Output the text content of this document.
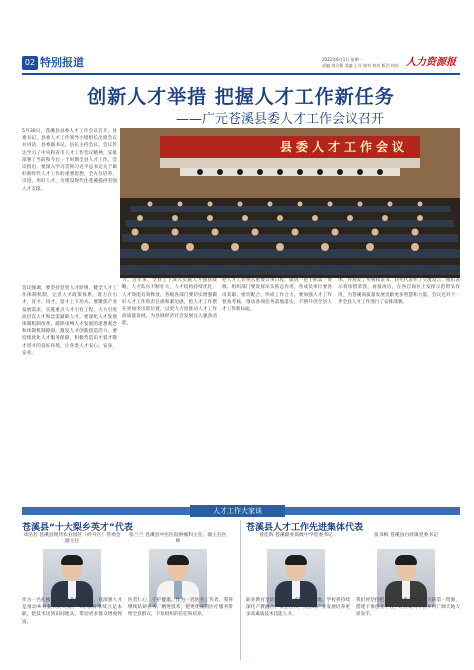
02 特别报道	2022年6月1日 星期一
责编 刘立新 美编 王丹 校对 何庆 版式 何庆 人力资源报
创新人才举措 把握人才工作新任务
——广元苍溪县委人才工作会议召开
5月30日，苍溪县县委人才工作会议召开。县委书记、县委人才工作领导小组组长出席会议并讲话，县委副书记、县长主持会议。会议传达学习了中央和省市人才工作会议精神，安排部署了当前和今后一个时期全县人才工作。会议指出，要深入学习贯彻习近平总书记关于做好新时代人才工作的重要思想，全方位培养、引进、用好人才，为建设现代化苍溪提供坚强人才支撑。
县委人才工作会议
会议强调，要坚持党管人才原则，健全人才工作体制机制，完善人才政策体系，着力在引才、育才、用才、留才上下功夫。要聚焦产业发展需求，实施重点人才引育工程，大力引进高层次人才和急需紧缺人才。要深化人才发展体制机制改革，破除束缚人才发展的思想观念和体制机制障碍，激发人才创新创造活力。要持续优化人才服务保障，积极营造识才爱才敬才用才的良好环境，让各类人才安心、安身、安业。
会议指出，人才是第一资源，创新是第一动力。近年来，全县上下深入实施人才强县战略，人才队伍不断壮大，人才结构持续优化，人才效能有效释放。各级各部门要切实增强做好人才工作的责任感和紧迫感，把人才工作摆在更加突出的位置，以更大力度推动人才工作高质量发展，为县域经济社会发展注入强劲动能。
会议要求，各级党委（党组）要切实履行主体责任，把人才工作纳入重要议事日程，做到一把手抓第一资源。组织部门要发挥牵头抓总作用，各成员单位要各司其职、密切配合，形成工作合力。要加强人才工作督查考核，推动各项任务落地落实，不断开创全县人才工作新局面。
会议表彰了苍溪县第一届“十大梨乡英才”和人才工作先进集体，并颁发了奖牌和证书。获奖代表作了交流发言，他们表示将珍惜荣誉、再接再厉，在各自岗位上发挥示范带头作用，为苍溪高质量发展贡献更多智慧和力量。会议还对下一步全县人才工作进行了安排部署。
人才工作大家谈
苍溪县“十大梨乡英才”代表	苍溪县人才工作先进集体代表
邓浩若 苍溪县现代农业园区（经开区）管委会副主任
张兰兰 苍溪县中医医院肿瘤科主任、副主任医师
曾佳辉 苍溪职业高级中学党委书记	张书梅 苍溪县白驿镇党委书记
作为一名扎根基层的农业技术人员，我深感人才是推动乡村振兴的关键。今后我将继续立足本职，把技术送到田间地头，带动更多群众增收致富。
医者仁心，守护健康。作为一名医务工作者，我将继续钻研业务、精进技术，把更优质的医疗服务带给全县群众，不负组织的信任和培养。
职业教育是培养技能人才的重要阵地。学校将持续深化产教融合、校企合作，为县域产业发展培养更多高素质技术技能人才。
我们将坚持把人才作为推动乡村振兴的第一资源，搭建干事创业平台，让各类人才在乡村广阔天地大显身手。
